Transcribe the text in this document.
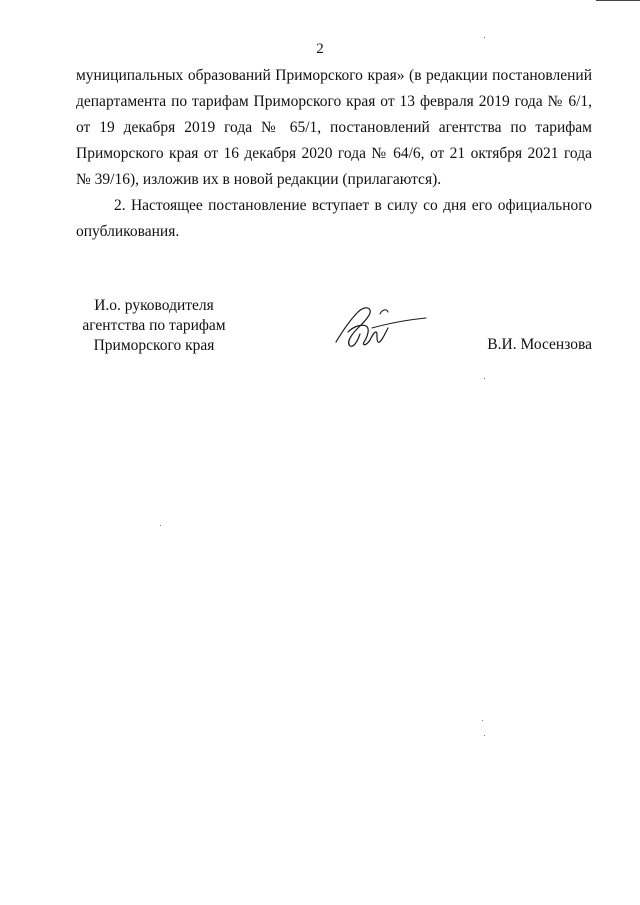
2

муниципальных образований Приморского края» (в редакции постановлений
департамента по тарифам Приморского края от 13 февраля 2019 года № 6/1,
от 19 декабря 2019 года № 65/1, постановлений агентства по тарифам
Приморского края от 16 декабря 2020 года № 64/6, от 21 октября 2021 года
№ 39/16), изложив их в новой редакции (прилагаются).

2. Настоящее постановление вступает в силу со дня его официального
опубликования.

И.о. руководителя
агентства по тарифам
Приморского края	В.И. Мосензова
